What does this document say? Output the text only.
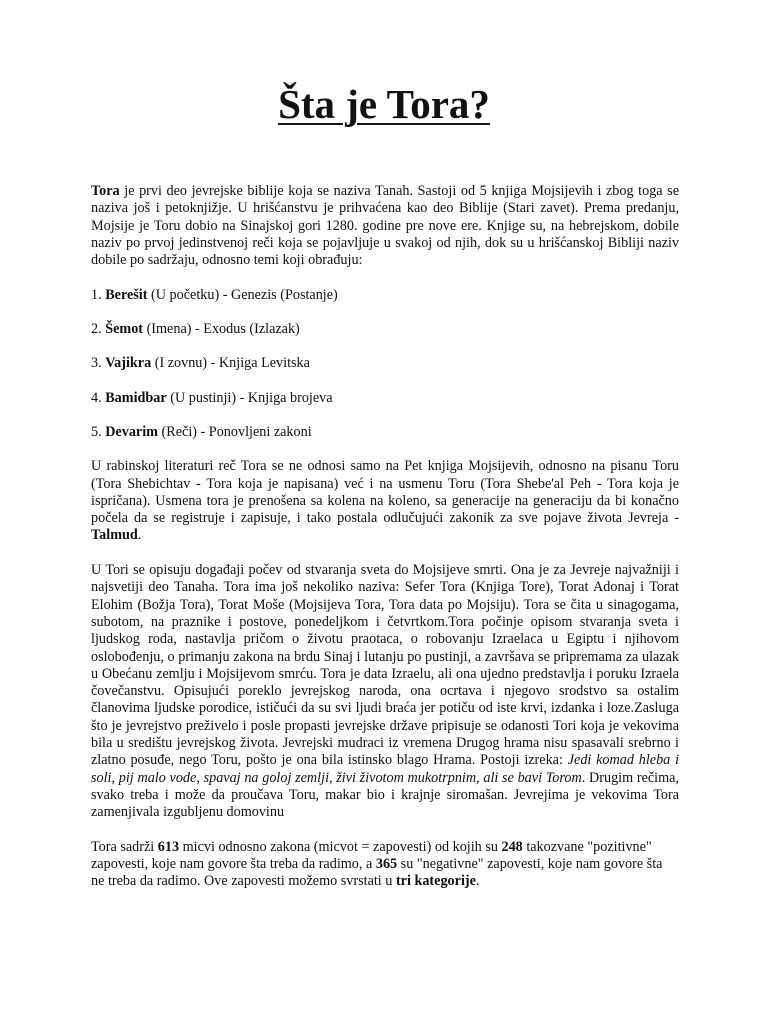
Šta je Tora?

Tora je prvi deo jevrejske biblije koja se naziva Tanah. Sastoji od 5 knjiga Mojsijevih i zbog toga se naziva još i petoknjižje. U hrišćanstvu je prihvaćena kao deo Biblije (Stari zavet). Prema predanju, Mojsije je Toru dobio na Sinajskoj gori 1280. godine pre nove ere. Knjige su, na hebrejskom, dobile naziv po prvoj jedinstvenoj reči koja se pojavljuje u svakoj od njih, dok su u hrišćanskoj Bibliji naziv dobile po sadržaju, odnosno temi koji obrađuju:

1. Berešit (U početku) - Genezis (Postanje)

2. Šemot (Imena) - Exodus (Izlazak)

3. Vajikra (I zovnu) - Knjiga Levitska

4. Bamidbar (U pustinji) - Knjiga brojeva

5. Devarim (Reči) - Ponovljeni zakoni

U rabinskoj literaturi reč Tora se ne odnosi samo na Pet knjiga Mojsijevih, odnosno na pisanu Toru (Tora Shebichtav - Tora koja je napisana) već i na usmenu Toru (Tora Shebe'al Peh - Tora koja je ispričana). Usmena tora je prenošena sa kolena na koleno, sa generacije na generaciju da bi konačno počela da se registruje i zapisuje, i tako postala odlučujući zakonik za sve pojave života Jevreja - Talmud.

U Tori se opisuju događaji počev od stvaranja sveta do Mojsijeve smrti. Ona je za Jevreje najvažniji i najsvetiji deo Tanaha. Tora ima još nekoliko naziva: Sefer Tora (Knjiga Tore), Torat Adonaj i Torat Elohim (Božja Tora), Torat Moše (Mojsijeva Tora, Tora data po Mojsiju). Tora se čita u sinagogama, subotom, na praznike i postove, ponedeljkom i četvrtkom.Tora počinje opisom stvaranja sveta i ljudskog roda, nastavlja pričom o životu praotaca, o robovanju Izraelaca u Egiptu i njihovom oslobođenju, o primanju zakona na brdu Sinaj i lutanju po pustinji, a završava se pripremama za ulazak u Obećanu zemlju i Mojsijevom smrću. Tora je data Izraelu, ali ona ujedno predstavlja i poruku Izraela čovečanstvu. Opisujući poreklo jevrejskog naroda, ona ocrtava i njegovo srodstvo sa ostalim članovima ljudske porodice, ističući da su svi ljudi braća jer potiču od iste krvi, izdanka i loze.Zasluga što je jevrejstvo preživelo i posle propasti jevrejske države pripisuje se odanosti Tori koja je vekovima bila u središtu jevrejskog života. Jevrejski mudraci iz vremena Drugog hrama nisu spasavali srebrno i zlatno posuđe, nego Toru, pošto je ona bila istinsko blago Hrama. Postoji izreka: Jedi komad hleba i soli, pij malo vode, spavaj na goloj zemlji, živi životom mukotrpnim, ali se bavi Torom. Drugim rečima, svako treba i može da proučava Toru, makar bio i krajnje siromašan. Jevrejima je vekovima Tora zamenjivala izgubljenu domovinu

Tora sadrži 613 micvi odnosno zakona (micvot = zapovesti) od kojih su 248 takozvane "pozitivne" zapovesti, koje nam govore šta treba da radimo, a 365 su "negativne" zapovesti, koje nam govore šta ne treba da radimo. Ove zapovesti možemo svrstati u tri kategorije.
